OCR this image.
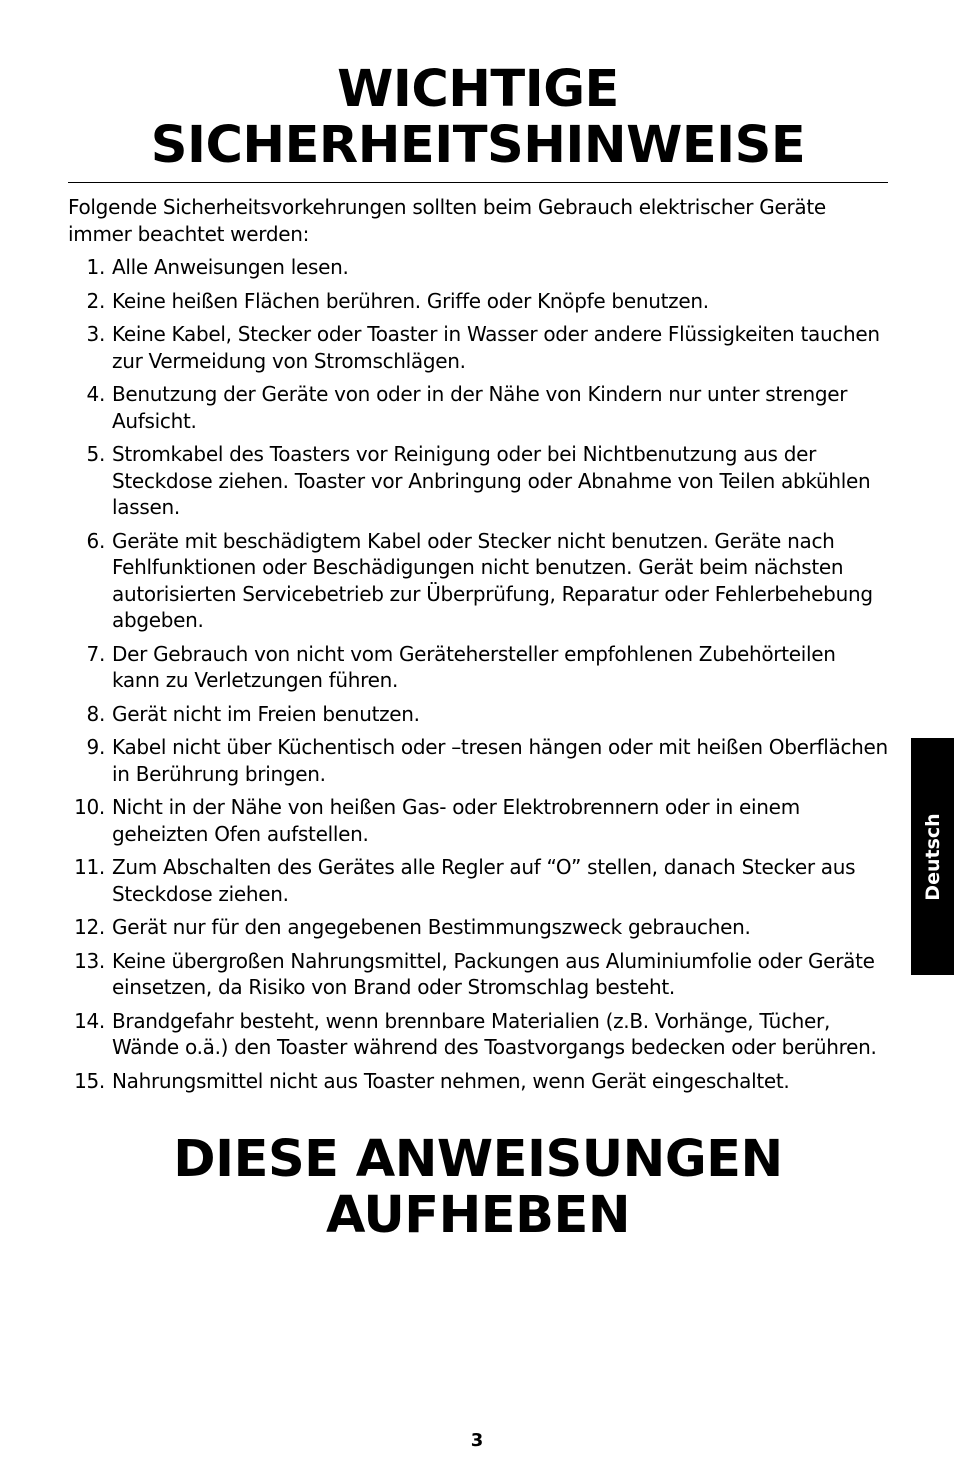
WICHTIGE
SICHERHEITSHINWEISE

Folgende Sicherheitsvorkehrungen sollten beim Gebrauch elektrischer Geräte immer beachtet werden:

1. Alle Anweisungen lesen.
2. Keine heißen Flächen berühren. Griffe oder Knöpfe benutzen.
3. Keine Kabel, Stecker oder Toaster in Wasser oder andere Flüssigkeiten tauchen zur Vermeidung von Stromschlägen.
4. Benutzung der Geräte von oder in der Nähe von Kindern nur unter strenger Aufsicht.
5. Stromkabel des Toasters vor Reinigung oder bei Nichtbenutzung aus der Steckdose ziehen. Toaster vor Anbringung oder Abnahme von Teilen abkühlen lassen.
6. Geräte mit beschädigtem Kabel oder Stecker nicht benutzen. Geräte nach Fehlfunktionen oder Beschädigungen nicht benutzen. Gerät beim nächsten autorisierten Servicebetrieb zur Überprüfung, Reparatur oder Fehlerbehebung abgeben.
7. Der Gebrauch von nicht vom Gerätehersteller empfohlenen Zubehörteilen kann zu Verletzungen führen.
8. Gerät nicht im Freien benutzen.
9. Kabel nicht über Küchentisch oder –tresen hängen oder mit heißen Oberflächen in Berührung bringen.
10. Nicht in der Nähe von heißen Gas- oder Elektrobrennern oder in einem geheizten Ofen aufstellen.
11. Zum Abschalten des Gerätes alle Regler auf “O” stellen, danach Stecker aus Steckdose ziehen.
12. Gerät nur für den angegebenen Bestimmungszweck gebrauchen.
13. Keine übergroßen Nahrungsmittel, Packungen aus Aluminiumfolie oder Geräte einsetzen, da Risiko von Brand oder Stromschlag besteht.
14. Brandgefahr besteht, wenn brennbare Materialien (z.B. Vorhänge, Tücher, Wände o.ä.) den Toaster während des Toastvorgangs bedecken oder berühren.
15. Nahrungsmittel nicht aus Toaster nehmen, wenn Gerät eingeschaltet.
DIESE ANWEISUNGEN
AUFHEBEN
Deutsch
3
